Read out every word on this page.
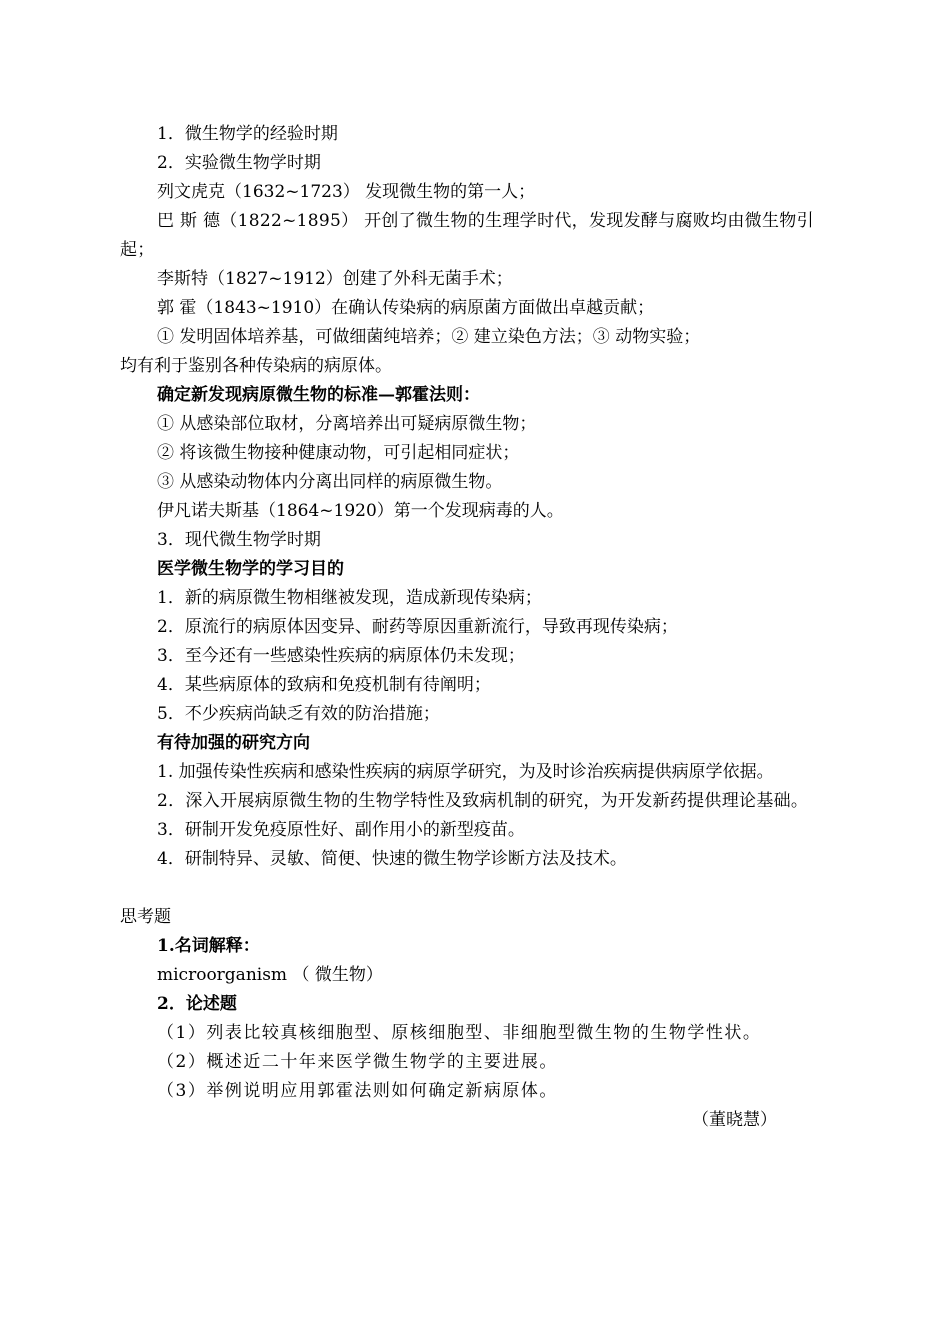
1．微生物学的经验时期

2．实验微生物学时期

列文虎克（1632~1723） 发现微生物的第一人；

巴 斯 德（1822~1895） 开创了微生物的生理学时代，发现发酵与腐败均由微生物引起；

李斯特（1827~1912）创建了外科无菌手术；

郭 霍（1843~1910）在确认传染病的病原菌方面做出卓越贡献；

① 发明固体培养基，可做细菌纯培养；② 建立染色方法；③ 动物实验；

均有利于鉴别各种传染病的病原体。

确定新发现病原微生物的标准—郭霍法则：

① 从感染部位取材，分离培养出可疑病原微生物；

② 将该微生物接种健康动物，可引起相同症状；

③ 从感染动物体内分离出同样的病原微生物。

伊凡诺夫斯基（1864~1920）第一个发现病毒的人。

3．现代微生物学时期

医学微生物学的学习目的

1．新的病原微生物相继被发现，造成新现传染病；

2．原流行的病原体因变异、耐药等原因重新流行，导致再现传染病；

3．至今还有一些感染性疾病的病原体仍未发现；

4．某些病原体的致病和免疫机制有待阐明；

5．不少疾病尚缺乏有效的防治措施；

有待加强的研究方向

1. 加强传染性疾病和感染性疾病的病原学研究，为及时诊治疾病提供病原学依据。

2．深入开展病原微生物的生物学特性及致病机制的研究，为开发新药提供理论基础。

3．研制开发免疫原性好、副作用小的新型疫苗。

4．研制特异、灵敏、简便、快速的微生物学诊断方法及技术。

思考题

1.名词解释：

microorganism （ 微生物）

2．论述题

（1）列表比较真核细胞型、原核细胞型、非细胞型微生物的生物学性状。

（2）概述近二十年来医学微生物学的主要进展。

（3）举例说明应用郭霍法则如何确定新病原体。

（董晓慧）
